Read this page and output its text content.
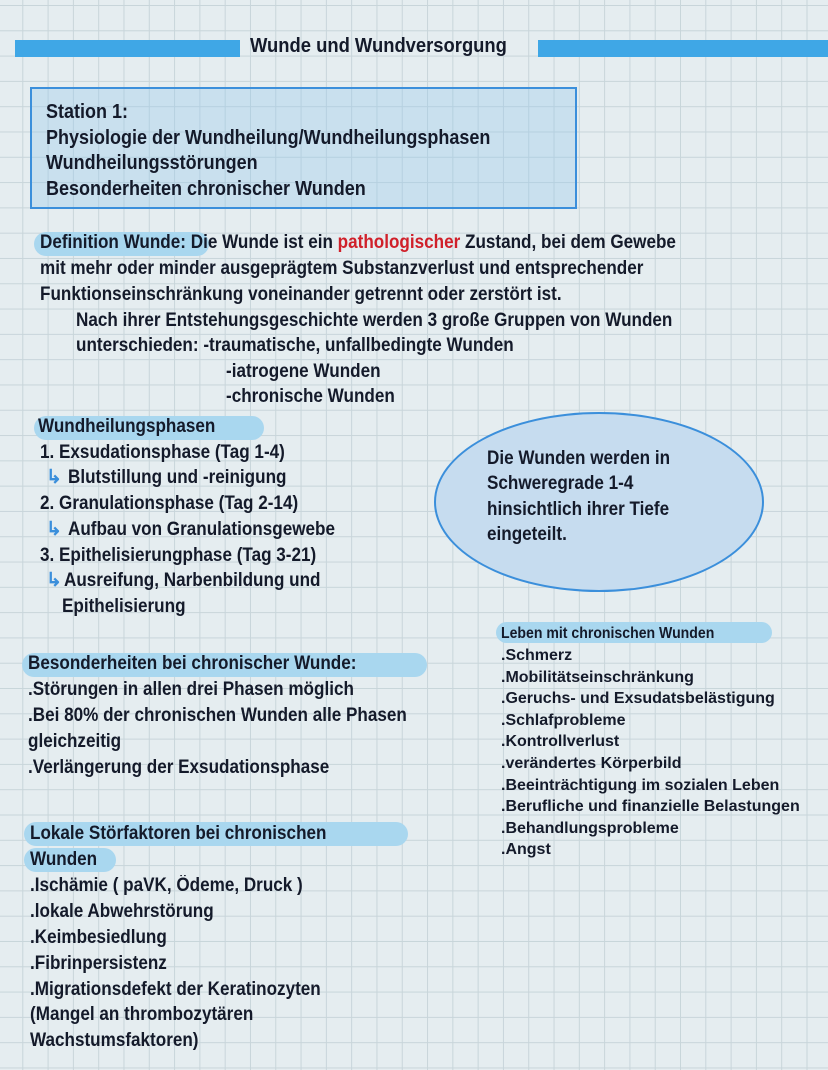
Wunde und Wundversorgung
Station 1:
Physiologie der Wundheilung/Wundheilungsphasen
Wundheilungsstörungen
Besonderheiten chronischer Wunden
Definition Wunde: Die Wunde ist ein pathologischer Zustand, bei dem Gewebe
mit mehr oder minder ausgeprägtem Substanzverlust und entsprechender
Funktionseinschränkung voneinander getrennt oder zerstört ist.
Nach ihrer Entstehungsgeschichte werden 3 große Gruppen von Wunden
unterschieden: -traumatische, unfallbedingte Wunden
-iatrogene Wunden
-chronische Wunden
Wundheilungsphasen
1. Exsudationsphase (Tag 1-4)
↳ Blutstillung und -reinigung
2. Granulationsphase (Tag 2-14)
↳ Aufbau von Granulationsgewebe
3. Epithelisierungphase (Tag 3-21)
↳ Ausreifung, Narbenbildung und
Epithelisierung
Die Wunden werden in
Schweregrade 1-4
hinsichtlich ihrer Tiefe
eingeteilt.
Leben mit chronischen Wunden
.Schmerz
.Mobilitätseinschränkung
.Geruchs- und Exsudatsbelästigung
.Schlafprobleme
.Kontrollverlust
.verändertes Körperbild
.Beeinträchtigung im sozialen Leben
.Berufliche und finanzielle Belastungen
.Behandlungsprobleme
.Angst
Besonderheiten bei chronischer Wunde:
.Störungen in allen drei Phasen möglich
.Bei 80% der chronischen Wunden alle Phasen
gleichzeitig
.Verlängerung der Exsudationsphase
Lokale Störfaktoren bei chronischen
Wunden
.Ischämie ( paVK, Ödeme, Druck )
.lokale Abwehrstörung
.Keimbesiedlung
.Fibrinpersistenz
.Migrationsdefekt der Keratinozyten
(Mangel an thrombozytären
Wachstumsfaktoren)
